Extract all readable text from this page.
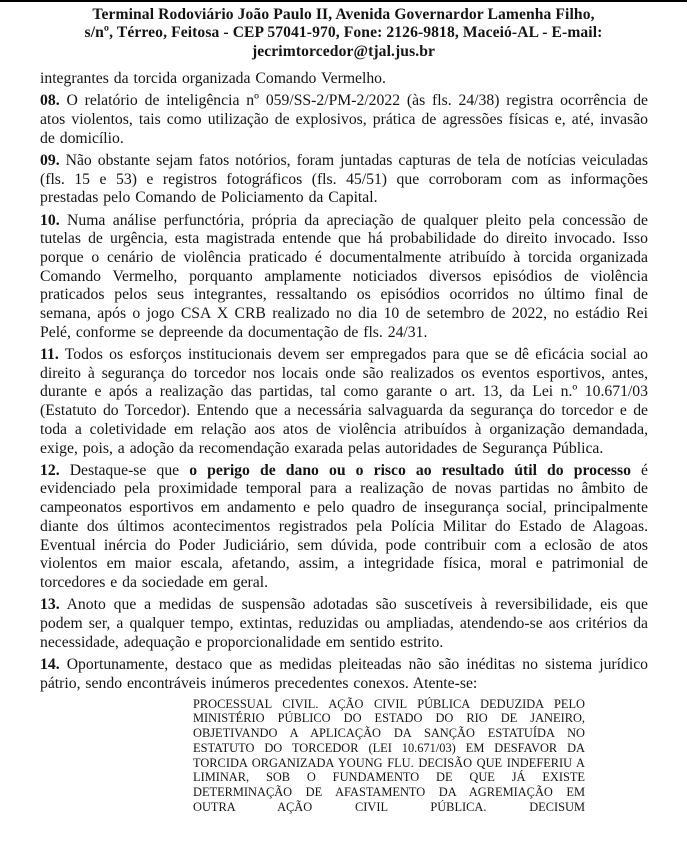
Terminal Rodoviário João Paulo II, Avenida Governardor Lamenha Filho,
s/nº, Térreo, Feitosa - CEP 57041-970, Fone: 2126-9818, Maceió-AL - E-mail:
jecrimtorcedor@tjal.jus.br

integrantes da torcida organizada Comando Vermelho.

08. O relatório de inteligência nº 059/SS-2/PM-2/2022 (às fls. 24/38) registra ocorrência de atos violentos, tais como utilização de explosivos, prática de agressões físicas e, até, invasão de domicílio.

09. Não obstante sejam fatos notórios, foram juntadas capturas de tela de notícias veiculadas (fls. 15 e 53) e registros fotográficos (fls. 45/51) que corroboram com as informações prestadas pelo Comando de Policiamento da Capital.

10. Numa análise perfunctória, própria da apreciação de qualquer pleito pela concessão de tutelas de urgência, esta magistrada entende que há probabilidade do direito invocado. Isso porque o cenário de violência praticado é documentalmente atribuído à torcida organizada Comando Vermelho, porquanto amplamente noticiados diversos episódios de violência praticados pelos seus integrantes, ressaltando os episódios ocorridos no último final de semana, após o jogo CSA X CRB realizado no dia 10 de setembro de 2022, no estádio Rei Pelé, conforme se depreende da documentação de fls. 24/31.

11. Todos os esforços institucionais devem ser empregados para que se dê eficácia social ao direito à segurança do torcedor nos locais onde são realizados os eventos esportivos, antes, durante e após a realização das partidas, tal como garante o art. 13, da Lei n.º 10.671/03 (Estatuto do Torcedor). Entendo que a necessária salvaguarda da segurança do torcedor e de toda a coletividade em relação aos atos de violência atribuídos à organização demandada, exige, pois, a adoção da recomendação exarada pelas autoridades de Segurança Pública.

12. Destaque-se que o perigo de dano ou o risco ao resultado útil do processo é evidenciado pela proximidade temporal para a realização de novas partidas no âmbito de campeonatos esportivos em andamento e pelo quadro de insegurança social, principalmente diante dos últimos acontecimentos registrados pela Polícia Militar do Estado de Alagoas. Eventual inércia do Poder Judiciário, sem dúvida, pode contribuir com a eclosão de atos violentos em maior escala, afetando, assim, a integridade física, moral e patrimonial de torcedores e da sociedade em geral.

13. Anoto que a medidas de suspensão adotadas são suscetíveis à reversibilidade, eis que podem ser, a qualquer tempo, extintas, reduzidas ou ampliadas, atendendo-se aos critérios da necessidade, adequação e proporcionalidade em sentido estrito.

14. Oportunamente, destaco que as medidas pleiteadas não são inéditas no sistema jurídico pátrio, sendo encontráveis inúmeros precedentes conexos. Atente-se:

PROCESSUAL CIVIL. AÇÃO CIVIL PÚBLICA DEDUZIDA PELO MINISTÉRIO PÚBLICO DO ESTADO DO RIO DE JANEIRO, OBJETIVANDO A APLICAÇÃO DA SANÇÃO ESTATUÍDA NO ESTATUTO DO TORCEDOR (LEI 10.671/03) EM DESFAVOR DA TORCIDA ORGANIZADA YOUNG FLU. DECISÃO QUE INDEFERIU A LIMINAR, SOB O FUNDAMENTO DE QUE JÁ EXISTE DETERMINAÇÃO DE AFASTAMENTO DA AGREMIAÇÃO EM OUTRA AÇÃO CIVIL PÚBLICA. DECISUM
